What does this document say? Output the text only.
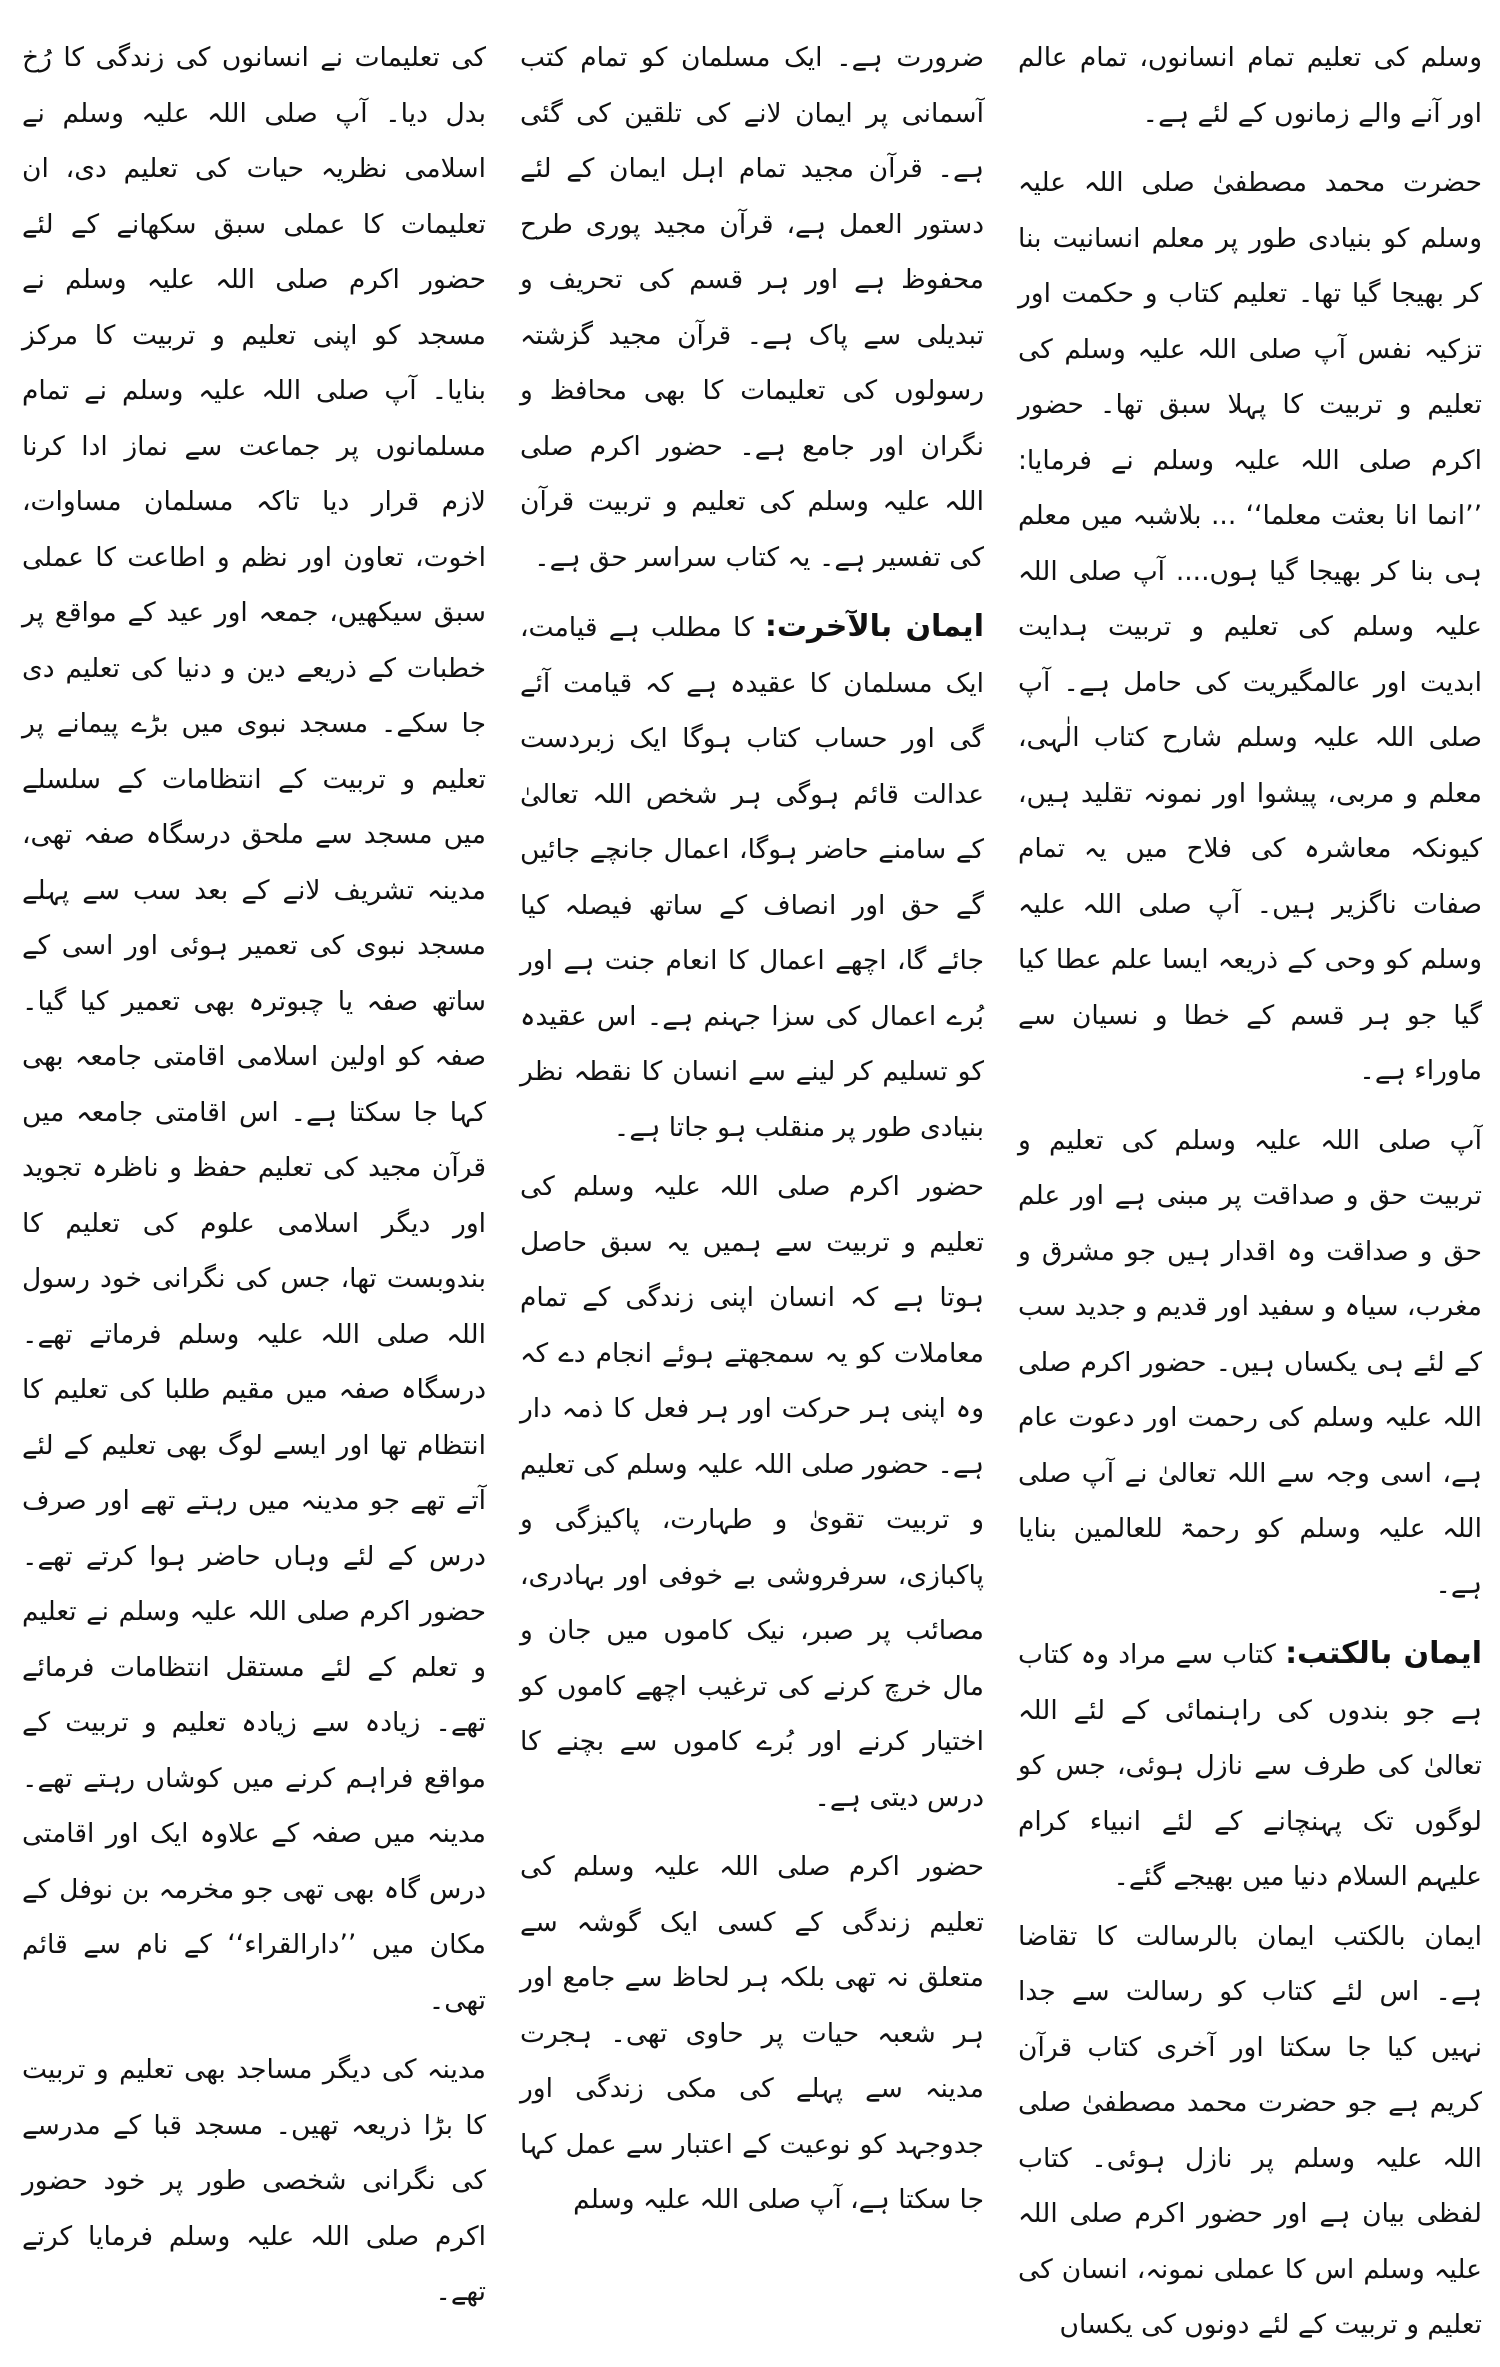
وسلم کی تعلیم تمام انسانوں، تمام عالم اور آنے والے زمانوں کے لئے ہے۔

حضرت محمد مصطفیٰ صلی اللہ علیہ وسلم کو بنیادی طور پر معلم انسانیت بنا کر بھیجا گیا تھا۔ تعلیم کتاب و حکمت اور تزکیہ نفس آپ صلی اللہ علیہ وسلم کی تعلیم و تربیت کا پہلا سبق تھا۔ حضور اکرم صلی اللہ علیہ وسلم نے فرمایا: ’’انما انا بعثت معلما‘‘ ... بلاشبہ میں معلم ہی بنا کر بھیجا گیا ہوں.... آپ صلی اللہ علیہ وسلم کی تعلیم و تربیت ہدایت ابدیت اور عالمگیریت کی حامل ہے۔ آپ صلی اللہ علیہ وسلم شارح کتاب الٰہی، معلم و مربی، پیشوا اور نمونہ تقلید ہیں، کیونکہ معاشرہ کی فلاح میں یہ تمام صفات ناگزیر ہیں۔ آپ صلی اللہ علیہ وسلم کو وحی کے ذریعہ ایسا علم عطا کیا گیا جو ہر قسم کے خطا و نسیان سے ماوراء ہے۔

آپ صلی اللہ علیہ وسلم کی تعلیم و تربیت حق و صداقت پر مبنی ہے اور علم حق و صداقت وہ اقدار ہیں جو مشرق و مغرب، سیاہ و سفید اور قدیم و جدید سب کے لئے ہی یکساں ہیں۔ حضور اکرم صلی اللہ علیہ وسلم کی رحمت اور دعوت عام ہے، اسی وجہ سے اللہ تعالیٰ نے آپ صلی اللہ علیہ وسلم کو رحمۃ للعالمین بنایا ہے۔

ایمان بالکتب: کتاب سے مراد وہ کتاب ہے جو بندوں کی راہنمائی کے لئے اللہ تعالیٰ کی طرف سے نازل ہوئی، جس کو لوگوں تک پہنچانے کے لئے انبیاء کرام علیہم السلام دنیا میں بھیجے گئے۔

ایمان بالکتب ایمان بالرسالت کا تقاضا ہے۔ اس لئے کتاب کو رسالت سے جدا نہیں کیا جا سکتا اور آخری کتاب قرآن کریم ہے جو حضرت محمد مصطفیٰ صلی اللہ علیہ وسلم پر نازل ہوئی۔ کتاب لفظی بیان ہے اور حضور اکرم صلی اللہ علیہ وسلم اس کا عملی نمونہ، انسان کی تعلیم و تربیت کے لئے دونوں کی یکساں

ضرورت ہے۔ ایک مسلمان کو تمام کتب آسمانی پر ایمان لانے کی تلقین کی گئی ہے۔ قرآن مجید تمام اہل ایمان کے لئے دستور العمل ہے، قرآن مجید پوری طرح محفوظ ہے اور ہر قسم کی تحریف و تبدیلی سے پاک ہے۔ قرآن مجید گزشتہ رسولوں کی تعلیمات کا بھی محافظ و نگران اور جامع ہے۔ حضور اکرم صلی اللہ علیہ وسلم کی تعلیم و تربیت قرآن کی تفسیر ہے۔ یہ کتاب سراسر حق ہے۔

ایمان بالآخرت: کا مطلب ہے قیامت، ایک مسلمان کا عقیدہ ہے کہ قیامت آئے گی اور حساب کتاب ہوگا ایک زبردست عدالت قائم ہوگی ہر شخص اللہ تعالیٰ کے سامنے حاضر ہوگا، اعمال جانچے جائیں گے حق اور انصاف کے ساتھ فیصلہ کیا جائے گا، اچھے اعمال کا انعام جنت ہے اور بُرے اعمال کی سزا جہنم ہے۔ اس عقیدہ کو تسلیم کر لینے سے انسان کا نقطہ نظر بنیادی طور پر منقلب ہو جاتا ہے۔

حضور اکرم صلی اللہ علیہ وسلم کی تعلیم و تربیت سے ہمیں یہ سبق حاصل ہوتا ہے کہ انسان اپنی زندگی کے تمام معاملات کو یہ سمجھتے ہوئے انجام دے کہ وہ اپنی ہر حرکت اور ہر فعل کا ذمہ دار ہے۔ حضور صلی اللہ علیہ وسلم کی تعلیم و تربیت تقویٰ و طہارت، پاکیزگی و پاکبازی، سرفروشی بے خوفی اور بہادری، مصائب پر صبر، نیک کاموں میں جان و مال خرچ کرنے کی ترغیب اچھے کاموں کو اختیار کرنے اور بُرے کاموں سے بچنے کا درس دیتی ہے۔

حضور اکرم صلی اللہ علیہ وسلم کی تعلیم زندگی کے کسی ایک گوشہ سے متعلق نہ تھی بلکہ ہر لحاظ سے جامع اور ہر شعبہ حیات پر حاوی تھی۔ ہجرت مدینہ سے پہلے کی مکی زندگی اور جدوجہد کو نوعیت کے اعتبار سے عمل کہا جا سکتا ہے، آپ صلی اللہ علیہ وسلم

کی تعلیمات نے انسانوں کی زندگی کا رُخ بدل دیا۔ آپ صلی اللہ علیہ وسلم نے اسلامی نظریہ حیات کی تعلیم دی، ان تعلیمات کا عملی سبق سکھانے کے لئے حضور اکرم صلی اللہ علیہ وسلم نے مسجد کو اپنی تعلیم و تربیت کا مرکز بنایا۔ آپ صلی اللہ علیہ وسلم نے تمام مسلمانوں پر جماعت سے نماز ادا کرنا لازم قرار دیا تاکہ مسلمان مساوات، اخوت، تعاون اور نظم و اطاعت کا عملی سبق سیکھیں، جمعہ اور عید کے مواقع پر خطبات کے ذریعے دین و دنیا کی تعلیم دی جا سکے۔ مسجد نبوی میں بڑے پیمانے پر تعلیم و تربیت کے انتظامات کے سلسلے میں مسجد سے ملحق درسگاہ صفہ تھی، مدینہ تشریف لانے کے بعد سب سے پہلے مسجد نبوی کی تعمیر ہوئی اور اسی کے ساتھ صفہ یا چبوترہ بھی تعمیر کیا گیا۔ صفہ کو اولین اسلامی اقامتی جامعہ بھی کہا جا سکتا ہے۔ اس اقامتی جامعہ میں قرآن مجید کی تعلیم حفظ و ناظرہ تجوید اور دیگر اسلامی علوم کی تعلیم کا بندوبست تھا، جس کی نگرانی خود رسول اللہ صلی اللہ علیہ وسلم فرماتے تھے۔ درسگاہ صفہ میں مقیم طلبا کی تعلیم کا انتظام تھا اور ایسے لوگ بھی تعلیم کے لئے آتے تھے جو مدینہ میں رہتے تھے اور صرف درس کے لئے وہاں حاضر ہوا کرتے تھے۔ حضور اکرم صلی اللہ علیہ وسلم نے تعلیم و تعلم کے لئے مستقل انتظامات فرمائے تھے۔ زیادہ سے زیادہ تعلیم و تربیت کے مواقع فراہم کرنے میں کوشاں رہتے تھے۔ مدینہ میں صفہ کے علاوہ ایک اور اقامتی درس گاہ بھی تھی جو مخرمہ بن نوفل کے مکان میں ’’دارالقراء‘‘ کے نام سے قائم تھی۔

مدینہ کی دیگر مساجد بھی تعلیم و تربیت کا بڑا ذریعہ تھیں۔ مسجد قبا کے مدرسے کی نگرانی شخصی طور پر خود حضور اکرم صلی اللہ علیہ وسلم فرمایا کرتے تھے۔
